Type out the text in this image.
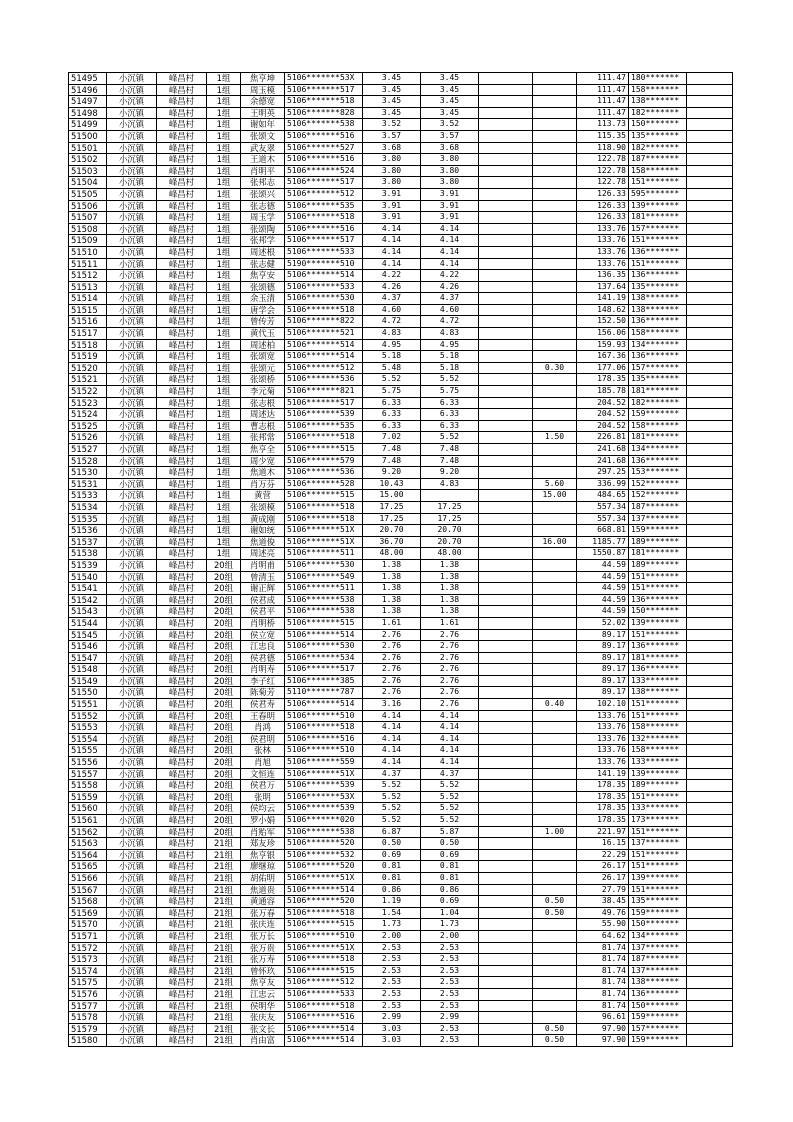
51495	小沉镇	峰昌村	1组	焦亨坤	5106*******53X	3.45	3.45			111.47	180*******	
51496	小沉镇	峰昌村	1组	周玉模	5106*******517	3.45	3.45			111.47	158*******	
51497	小沉镇	峰昌村	1组	余德宽	5106*******518	3.45	3.45			111.47	138*******	
51498	小沉镇	峰昌村	1组	王明英	5106*******828	3.45	3.45			111.47	182*******	
51499	小沉镇	峰昌村	1组	谢如年	5106*******538	3.52	3.52			113.73	150*******	
51500	小沉镇	峰昌村	1组	张颂文	5106*******516	3.57	3.57			115.35	135*******	
51501	小沉镇	峰昌村	1组	武友翠	5106*******527	3.68	3.68			118.90	182*******	
51502	小沉镇	峰昌村	1组	王道木	5106*******516	3.80	3.80			122.78	187*******	
51503	小沉镇	峰昌村	1组	肖明平	5106*******524	3.80	3.80			122.78	158*******	
51504	小沉镇	峰昌村	1组	张邦志	5106*******517	3.80	3.80			122.78	151*******	
51505	小沉镇	峰昌村	1组	张颂兴	5106*******512	3.91	3.91			126.33	595*******	
51506	小沉镇	峰昌村	1组	张志德	5106*******535	3.91	3.91			126.33	139*******	
51507	小沉镇	峰昌村	1组	周玉学	5106*******518	3.91	3.91			126.33	181*******	
51508	小沉镇	峰昌村	1组	张颂陶	5106*******516	4.14	4.14			133.76	157*******	
51509	小沉镇	峰昌村	1组	张邦学	5106*******517	4.14	4.14			133.76	151*******	
51510	小沉镇	峰昌村	1组	周述根	5106*******533	4.14	4.14			133.76	136*******	
51511	小沉镇	峰昌村	1组	张志健	5190*******510	4.14	4.14			133.76	151*******	
51512	小沉镇	峰昌村	1组	焦亨安	5106*******514	4.22	4.22			136.35	136*******	
51513	小沉镇	峰昌村	1组	张颂德	5106*******533	4.26	4.26			137.64	135*******	
51514	小沉镇	峰昌村	1组	余玉清	5106*******530	4.37	4.37			141.19	138*******	
51515	小沉镇	峰昌村	1组	唐学会	5106*******518	4.60	4.60			148.62	138*******	
51516	小沉镇	峰昌村	1组	曾传芳	5106*******822	4.72	4.72			152.50	136*******	
51517	小沉镇	峰昌村	1组	黄代玉	5106*******521	4.83	4.83			156.06	158*******	
51518	小沉镇	峰昌村	1组	周述柏	5106*******514	4.95	4.95			159.93	134*******	
51519	小沉镇	峰昌村	1组	张颂宽	5106*******514	5.18	5.18			167.36	136*******	
51520	小沉镇	峰昌村	1组	张颂元	5106*******512	5.48	5.18		0.30	177.06	157*******	
51521	小沉镇	峰昌村	1组	张颂桥	5106*******536	5.52	5.52			178.35	135*******	
51522	小沉镇	峰昌村	1组	李元菊	5106*******821	5.75	5.75			185.78	181*******	
51523	小沉镇	峰昌村	1组	张志根	5106*******517	6.33	6.33			204.52	182*******	
51524	小沉镇	峰昌村	1组	周述达	5106*******539	6.33	6.33			204.52	159*******	
51525	小沉镇	峰昌村	1组	曹志根	5106*******535	6.33	6.33			204.52	158*******	
51526	小沉镇	峰昌村	1组	张邦常	5106*******518	7.02	5.52		1.50	226.81	181*******	
51527	小沉镇	峰昌村	1组	焦亨全	5106*******515	7.48	7.48			241.68	134*******	
51528	小沉镇	峰昌村	1组	周少宽	5106*******579	7.48	7.48			241.68	136*******	
51530	小沉镇	峰昌村	1组	焦道木	5106*******536	9.20	9.20			297.25	153*******	
51531	小沉镇	峰昌村	1组	肖万芬	5106*******528	10.43	4.83		5.60	336.99	152*******	
51533	小沉镇	峰昌村	1组	黄营	5106*******515	15.00			15.00	484.65	152*******	
51534	小沉镇	峰昌村	1组	张颂模	5106*******518	17.25	17.25			557.34	187*******	
51535	小沉镇	峰昌村	1组	黄成刚	5106*******518	17.25	17.25			557.34	137*******	
51536	小沉镇	峰昌村	1组	谢如统	5106*******51X	20.70	20.70			668.81	159*******	
51537	小沉镇	峰昌村	1组	焦道俊	5106*******51X	36.70	20.70		16.00	1185.77	189*******	
51538	小沉镇	峰昌村	1组	周述亮	5106*******511	48.00	48.00			1550.87	181*******	
51539	小沉镇	峰昌村	20组	肖明甫	5106*******530	1.38	1.38			44.59	189*******	
51540	小沉镇	峰昌村	20组	曾清玉	5106*******549	1.38	1.38			44.59	151*******	
51541	小沉镇	峰昌村	20组	谢正辉	5106*******511	1.38	1.38			44.59	151*******	
51542	小沉镇	峰昌村	20组	侯君成	5106*******538	1.38	1.38			44.59	136*******	
51543	小沉镇	峰昌村	20组	侯君平	5106*******538	1.38	1.38			44.59	150*******	
51544	小沉镇	峰昌村	20组	肖明桥	5106*******515	1.61	1.61			52.02	139*******	
51545	小沉镇	峰昌村	20组	侯立宽	5106*******514	2.76	2.76			89.17	151*******	
51546	小沉镇	峰昌村	20组	江忠良	5106*******530	2.76	2.76			89.17	136*******	
51547	小沉镇	峰昌村	20组	侯君德	5106*******534	2.76	2.76			89.17	181*******	
51548	小沉镇	峰昌村	20组	肖明寿	5106*******517	2.76	2.76			89.17	136*******	
51549	小沉镇	峰昌村	20组	李子红	5106*******385	2.76	2.76			89.17	133*******	
51550	小沉镇	峰昌村	20组	陈菊芳	5110*******787	2.76	2.76			89.17	138*******	
51551	小沉镇	峰昌村	20组	侯君寿	5106*******514	3.16	2.76		0.40	102.10	151*******	
51552	小沉镇	峰昌村	20组	王春明	5106*******510	4.14	4.14			133.76	151*******	
51553	小沉镇	峰昌村	20组	肖鸿	5106*******518	4.14	4.14			133.76	158*******	
51554	小沉镇	峰昌村	20组	侯君明	5106*******516	4.14	4.14			133.76	132*******	
51555	小沉镇	峰昌村	20组	张林	5106*******510	4.14	4.14			133.76	158*******	
51556	小沉镇	峰昌村	20组	肖旭	5106*******559	4.14	4.14			133.76	133*******	
51557	小沉镇	峰昌村	20组	文恒连	5106*******51X	4.37	4.37			141.19	139*******	
51558	小沉镇	峰昌村	20组	侯君万	5106*******539	5.52	5.52			178.35	189*******	
51559	小沉镇	峰昌村	20组	张明	5106*******53X	5.52	5.52			178.35	151*******	
51560	小沉镇	峰昌村	20组	侯均云	5106*******539	5.52	5.52			178.35	133*******	
51561	小沉镇	峰昌村	20组	罗小娟	5106*******020	5.52	5.52			178.35	173*******	
51562	小沉镇	峰昌村	20组	肖贻军	5106*******538	6.87	5.87		1.00	221.97	151*******	
51563	小沉镇	峰昌村	21组	郑友珍	5106*******520	0.50	0.50			16.15	137*******	
51564	小沉镇	峰昌村	21组	焦亨银	5106*******532	0.69	0.69			22.29	151*******	
51565	小沉镇	峰昌村	21组	廖继琼	5106*******520	0.81	0.81			26.17	151*******	
51566	小沉镇	峰昌村	21组	胡佑明	5106*******51X	0.81	0.81			26.17	139*******	
51567	小沉镇	峰昌村	21组	焦道贵	5106*******514	0.86	0.86			27.79	151*******	
51568	小沉镇	峰昌村	21组	黄通容	5106*******520	1.19	0.69		0.50	38.45	135*******	
51569	小沉镇	峰昌村	21组	张万春	5106*******518	1.54	1.04		0.50	49.76	159*******	
51570	小沉镇	峰昌村	21组	张庆连	5106*******515	1.73	1.73			55.90	150*******	
51571	小沉镇	峰昌村	21组	张万长	5106*******510	2.00	2.00			64.62	134*******	
51572	小沉镇	峰昌村	21组	张万贵	5106*******51X	2.53	2.53			81.74	137*******	
51573	小沉镇	峰昌村	21组	张万寿	5106*******518	2.53	2.53			81.74	187*******	
51574	小沉镇	峰昌村	21组	曾怀玖	5106*******515	2.53	2.53			81.74	137*******	
51575	小沉镇	峰昌村	21组	焦亨友	5106*******512	2.53	2.53			81.74	138*******	
51576	小沉镇	峰昌村	21组	江忠云	5106*******533	2.53	2.53			81.74	136*******	
51577	小沉镇	峰昌村	21组	侯明华	5106*******518	2.53	2.53			81.74	150*******	
51578	小沉镇	峰昌村	21组	张庆友	5106*******516	2.99	2.99			96.61	159*******	
51579	小沉镇	峰昌村	21组	张文长	5106*******514	3.03	2.53		0.50	97.90	157*******	
51580	小沉镇	峰昌村	21组	肖由富	5106*******514	3.03	2.53		0.50	97.90	159*******	
